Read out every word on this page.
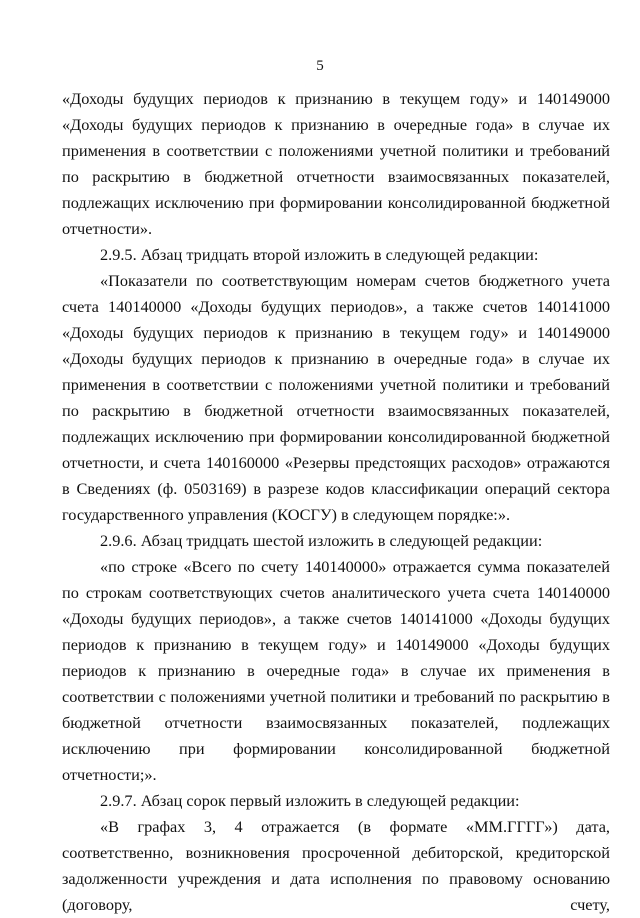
5

«Доходы будущих периодов к признанию в текущем году» и 140149000 «Доходы будущих периодов к признанию в очередные года» в случае их применения в соответствии с положениями учетной политики и требований по раскрытию в бюджетной отчетности взаимосвязанных показателей, подлежащих исключению при формировании консолидированной бюджетной отчетности».

2.9.5. Абзац тридцать второй изложить в следующей редакции:

«Показатели по соответствующим номерам счетов бюджетного учета счета 140140000 «Доходы будущих периодов», а также счетов 140141000 «Доходы будущих периодов к признанию в текущем году» и 140149000 «Доходы будущих периодов к признанию в очередные года» в случае их применения в соответствии с положениями учетной политики и требований по раскрытию в бюджетной отчетности взаимосвязанных показателей, подлежащих исключению при формировании консолидированной бюджетной отчетности, и счета 140160000 «Резервы предстоящих расходов» отражаются в Сведениях (ф. 0503169) в разрезе кодов классификации операций сектора государственного управления (КОСГУ) в следующем порядке:».

2.9.6. Абзац тридцать шестой изложить в следующей редакции:

«по строке «Всего по счету 140140000» отражается сумма показателей по строкам соответствующих счетов аналитического учета счета 140140000 «Доходы будущих периодов», а также счетов 140141000 «Доходы будущих периодов к признанию в текущем году» и 140149000 «Доходы будущих периодов к признанию в очередные года» в случае их применения в соответствии с положениями учетной политики и требований по раскрытию в бюджетной отчетности взаимосвязанных показателей, подлежащих исключению при формировании консолидированной бюджетной отчетности;».

2.9.7. Абзац сорок первый изложить в следующей редакции:

«В графах 3, 4 отражается (в формате «ММ.ГГГГ») дата, соответственно, возникновения просроченной дебиторской, кредиторской задолженности учреждения и дата исполнения по правовому основанию (договору, счету,
